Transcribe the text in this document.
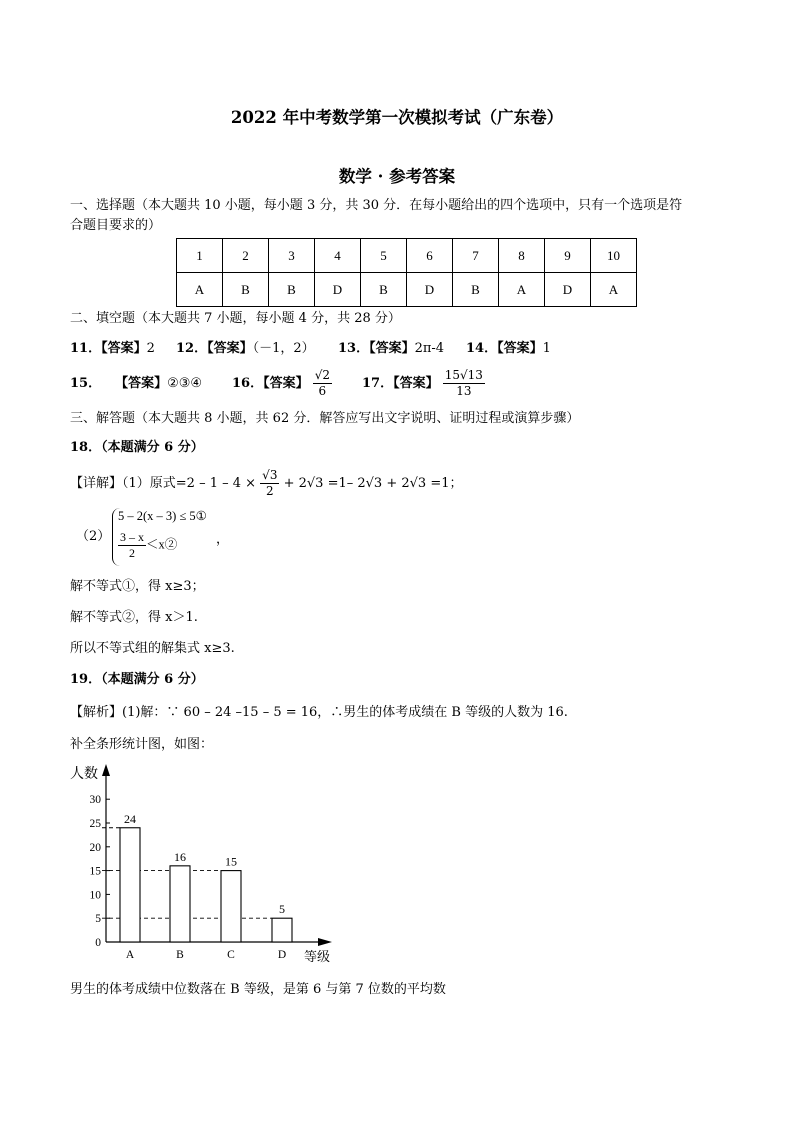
2022 年中考数学第一次模拟考试（广东卷）
数学 · 参考答案
一、选择题（本大题共 10 小题，每小题 3 分，共 30 分．在每小题给出的四个选项中，只有一个选项是符
合题目要求的）
1	2	3	4	5	6	7	8	9	10
A	B	B	D	B	D	B	A	D	A
二、填空题（本大题共 7 小题，每小题 4 分，共 28 分）
11．【答案】2 12．【答案】（－1，2） 13．【答案】2π-4 14．【答案】1
15． 【答案】②③④ 16．【答案】 $\frac{√2}{6} 17$．【答案】 $\frac{15√13}{13}$
三、解答题（本大题共 8 小题，共 62 分．解答应写出文字说明、证明过程或演算步骤）
18．（本题满分 6 分）
【详解】（1）原式$=2 - 1 - 4 \times \frac{√3}{2} + 2√3 =1-$ 2√3 + 2√3 =1；
（2）
5 – 2(x – 3) ≤ 5①
$\frac{3 - x}{2}$ ＜x②	，
解不等式①，得 x≥3；
解不等式②，得 x＞1.
所以不等式组的解集式 x≥3.
19．（本题满分 6 分）
【解析】(1)解：∵ 60 – 24 –15 – 5 = 16，∴男生的体考成绩在 B 等级的人数为 16.
补全条形统计图，如图：
人数
等级
0
5
10
15
20
25
30
24
A
16
B
15
C
5
D
男生的体考成绩中位数落在 B 等级，是第 6 与第 7 位数的平均数
